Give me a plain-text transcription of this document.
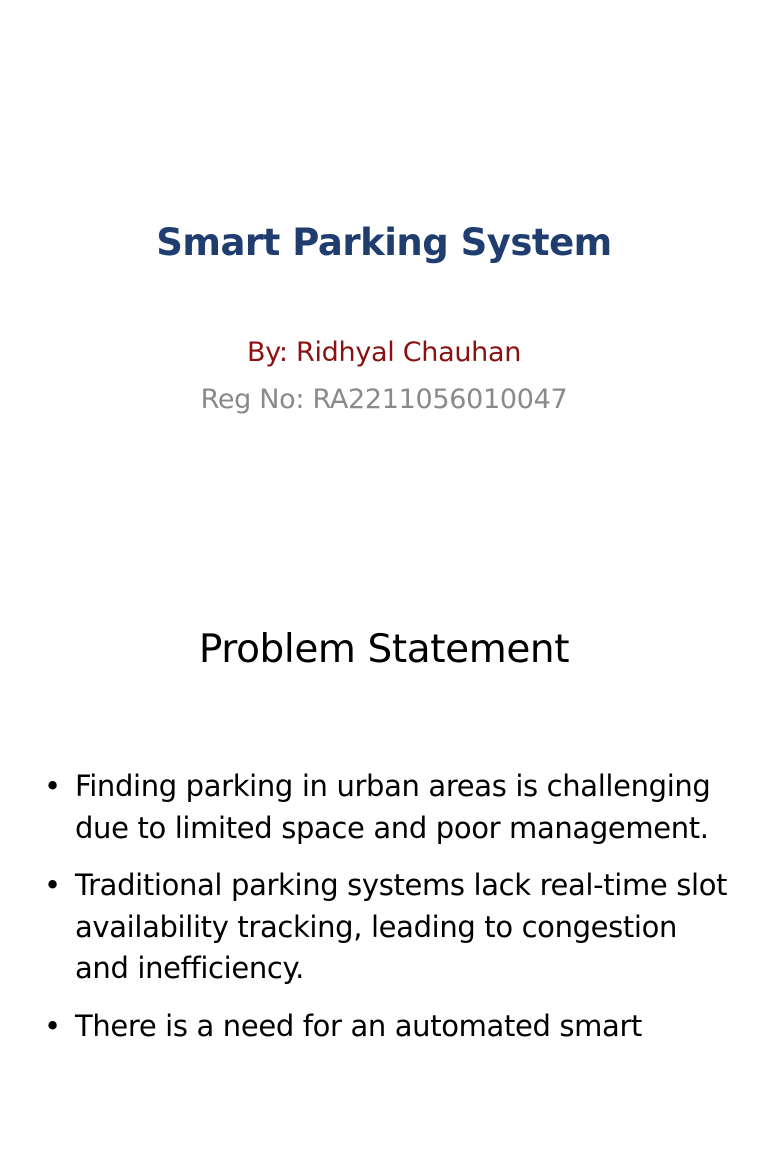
Smart Parking System
By: Ridhyal Chauhan
Reg No: RA2211056010047
Problem Statement
• Finding parking in urban areas is challenging due to limited space and poor management.
• Traditional parking systems lack real-time slot availability tracking, leading to congestion and inefficiency.
• There is a need for an automated smart
